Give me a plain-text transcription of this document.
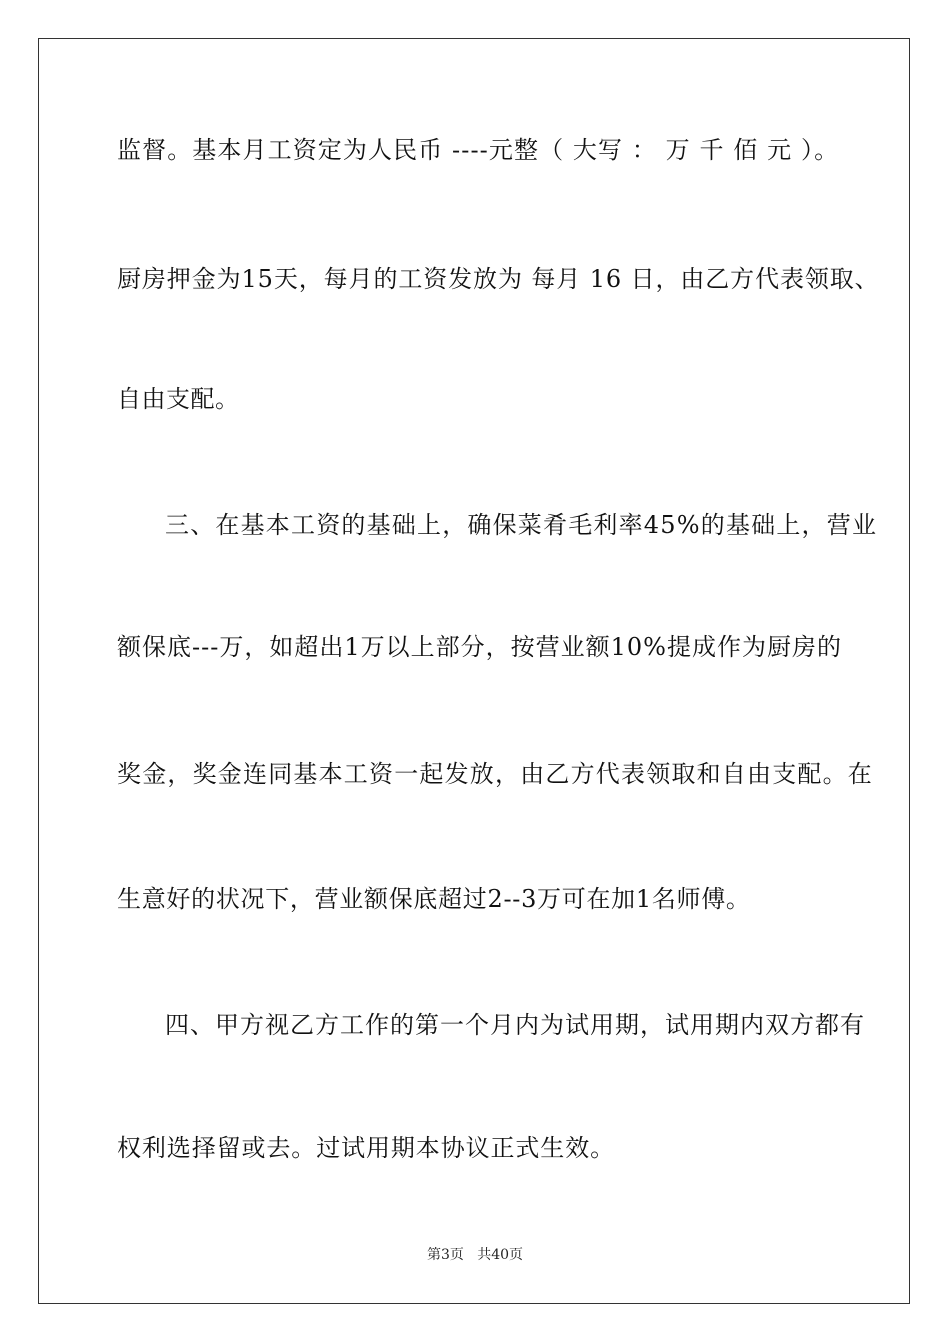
监督。基本月工资定为人民币 ----元整（ 大写 ： 万 千 佰 元 ）。
厨房押金为15天，每月的工资发放为 每月 16 日，由乙方代表领取、
自由支配。
三、在基本工资的基础上，确保菜肴毛利率45%的基础上，营业
额保底---万，如超出1万以上部分，按营业额10%提成作为厨房的
奖金，奖金连同基本工资一起发放，由乙方代表领取和自由支配。在
生意好的状况下，营业额保底超过2--3万可在加1名师傅。
四、甲方视乙方工作的第一个月内为试用期，试用期内双方都有
权利选择留或去。过试用期本协议正式生效。
第3页   共40页
